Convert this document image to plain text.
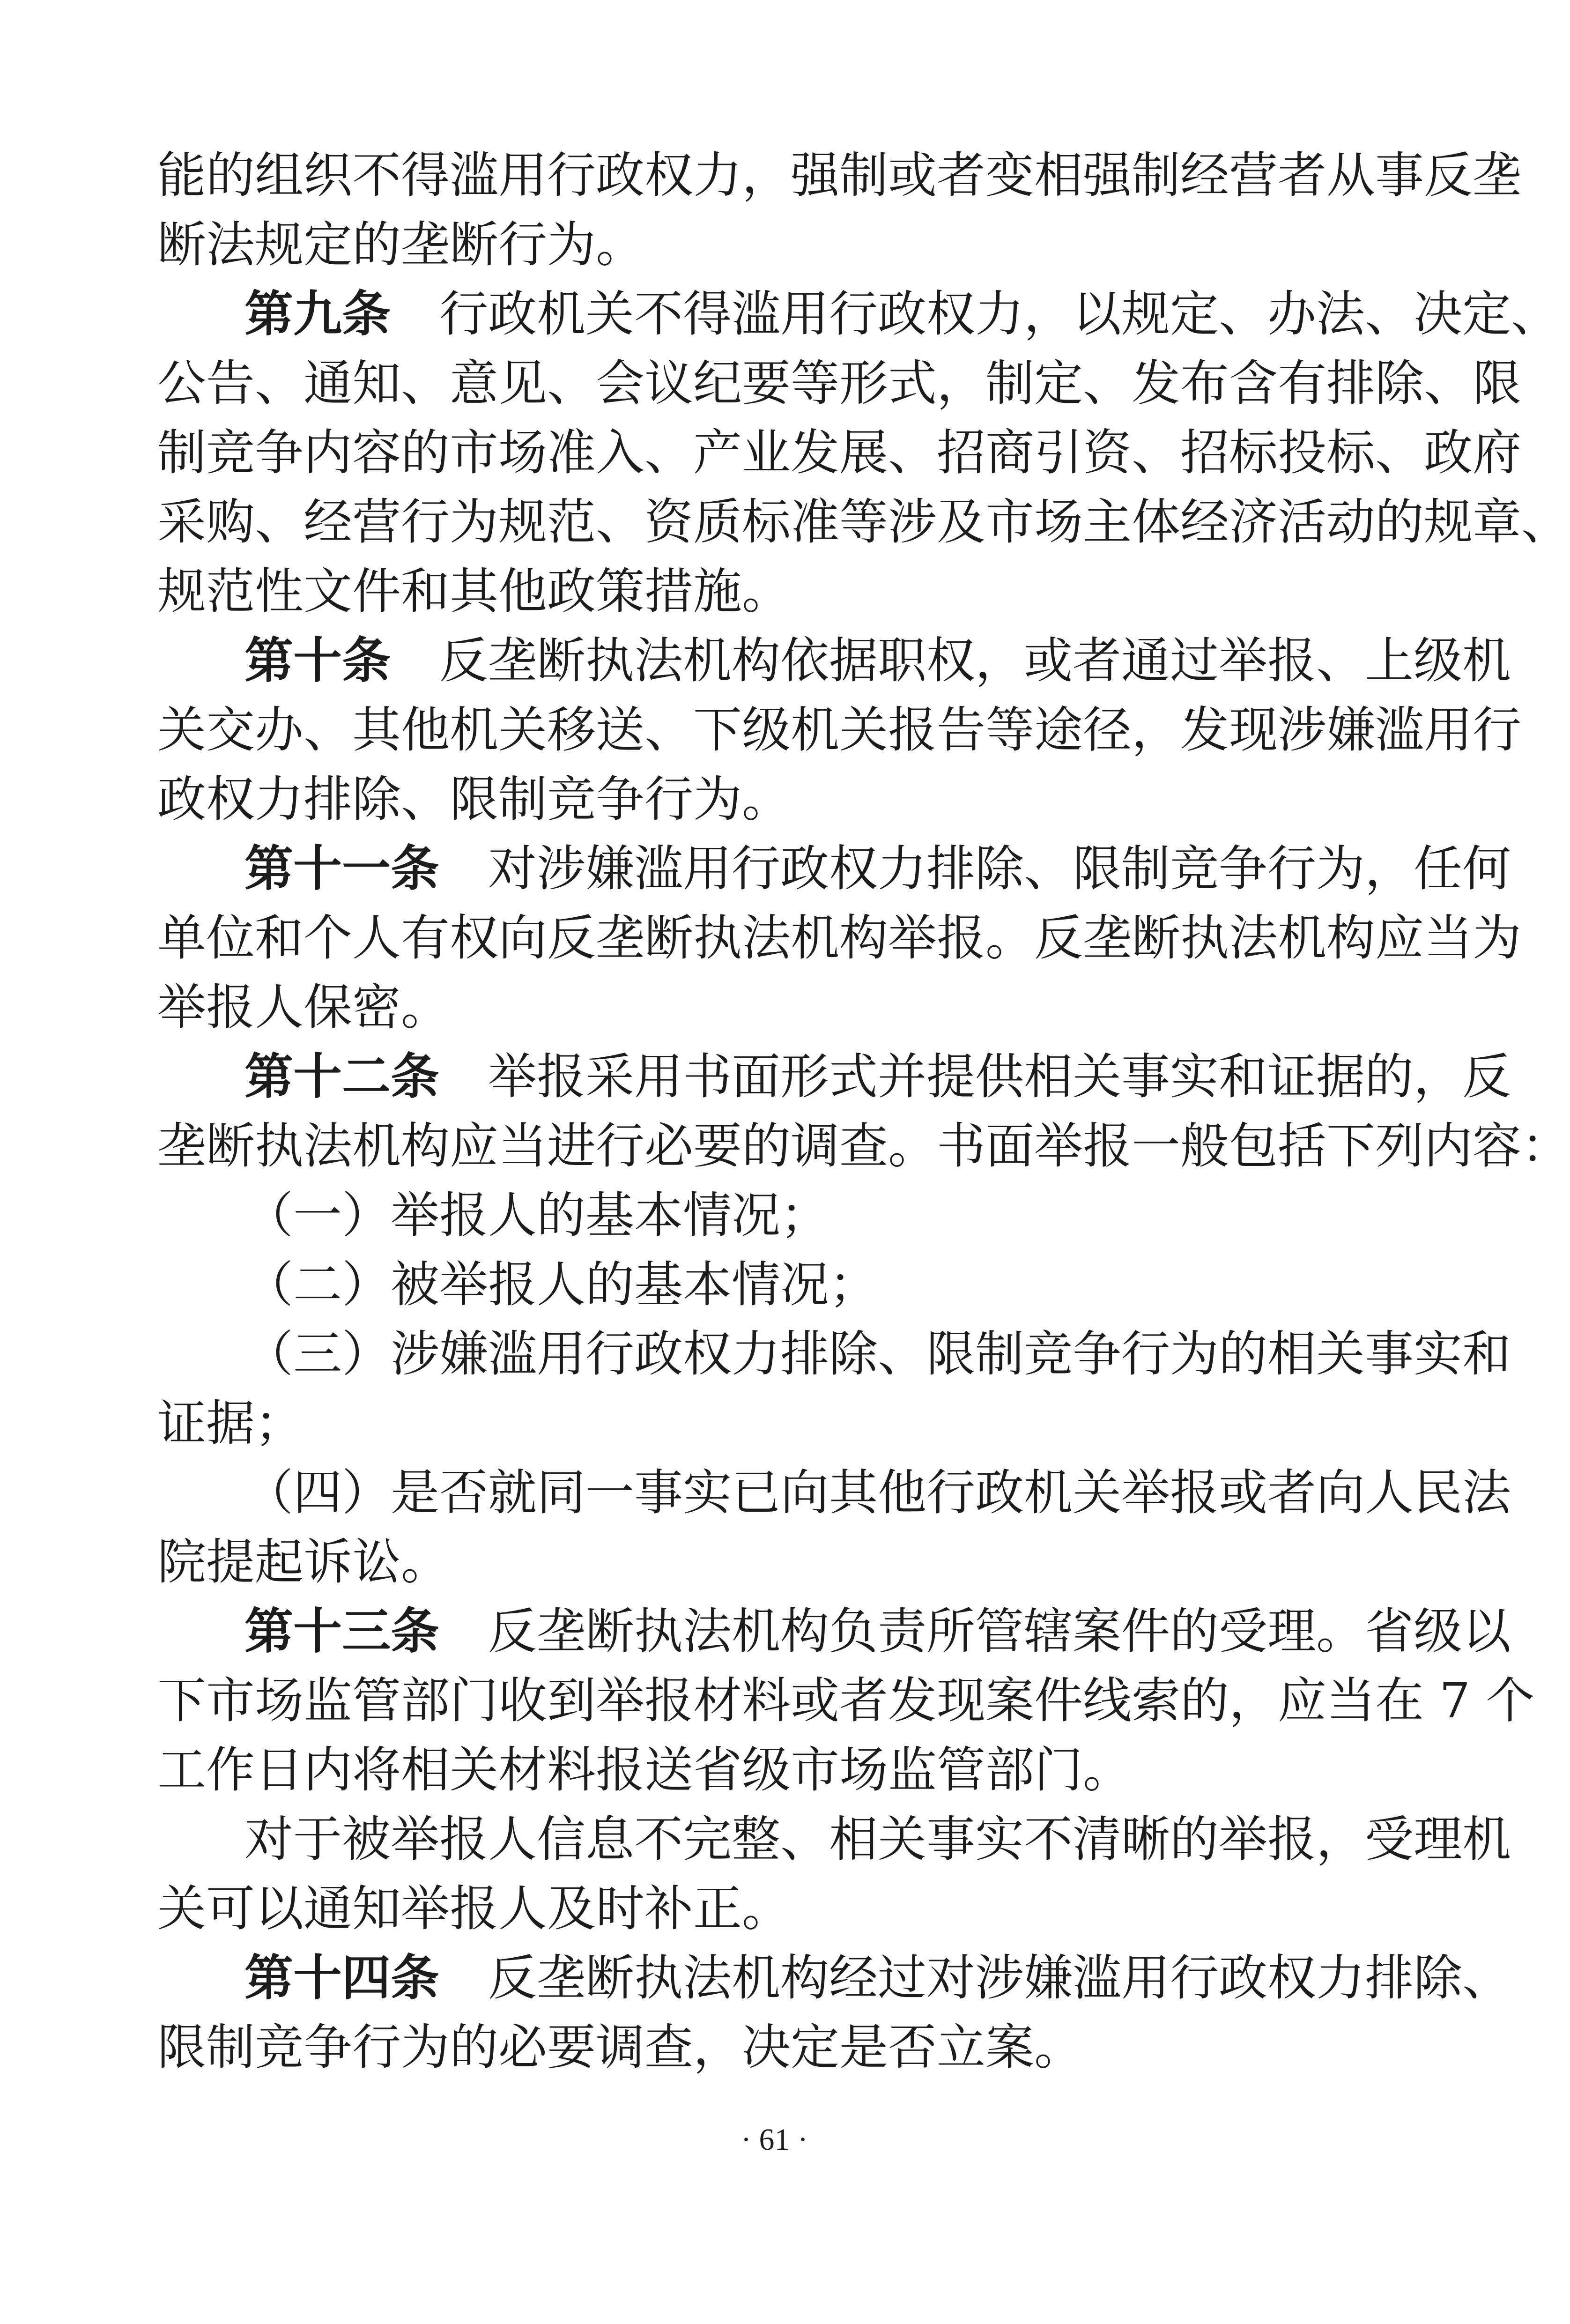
能的组织不得滥用行政权力，强制或者变相强制经营者从事反垄
断法规定的垄断行为。
第九条 行政机关不得滥用行政权力，以规定、办法、决定、
公告、通知、意见、会议纪要等形式，制定、发布含有排除、限
制竞争内容的市场准入、产业发展、招商引资、招标投标、政府
采购、经营行为规范、资质标准等涉及市场主体经济活动的规章、
规范性文件和其他政策措施。
第十条 反垄断执法机构依据职权，或者通过举报、上级机
关交办、其他机关移送、下级机关报告等途径，发现涉嫌滥用行
政权力排除、限制竞争行为。
第十一条 对涉嫌滥用行政权力排除、限制竞争行为，任何
单位和个人有权向反垄断执法机构举报。反垄断执法机构应当为
举报人保密。
第十二条 举报采用书面形式并提供相关事实和证据的，反
垄断执法机构应当进行必要的调查。书面举报一般包括下列内容：
（一）举报人的基本情况；
（二）被举报人的基本情况；
（三）涉嫌滥用行政权力排除、限制竞争行为的相关事实和
证据；
（四）是否就同一事实已向其他行政机关举报或者向人民法
院提起诉讼。
第十三条 反垄断执法机构负责所管辖案件的受理。省级以
下市场监管部门收到举报材料或者发现案件线索的，应当在 7 个
工作日内将相关材料报送省级市场监管部门。
对于被举报人信息不完整、相关事实不清晰的举报，受理机
关可以通知举报人及时补正。
第十四条 反垄断执法机构经过对涉嫌滥用行政权力排除、
限制竞争行为的必要调查，决定是否立案。
· 61 ·
